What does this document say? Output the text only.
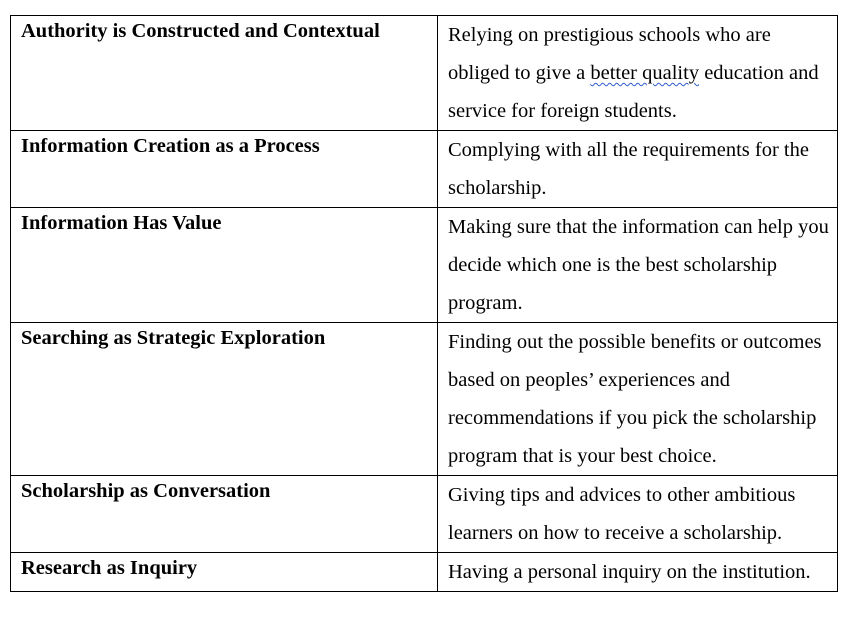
Authority is Constructed and Contextual	Relying on prestigious schools who are obliged to give a better quality education and service for foreign students.
Information Creation as a Process	Complying with all the requirements for the scholarship.
Information Has Value	Making sure that the information can help you decide which one is the best scholarship program.
Searching as Strategic Exploration	Finding out the possible benefits or outcomes based on peoples’ experiences and recommendations if you pick the scholarship program that is your best choice.
Scholarship as Conversation	Giving tips and advices to other ambitious learners on how to receive a scholarship.
Research as Inquiry	Having a personal inquiry on the institution.
